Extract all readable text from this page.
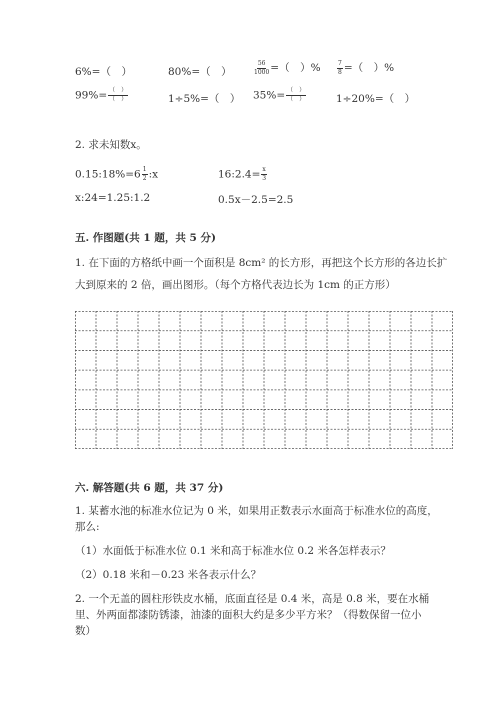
6%=（　）	80%=（　）	$\frac{56}{1000}$ =（　）%	$\frac{7}{8}$ =（　）%
$99\%= \frac{( )}{( )}$	1÷5%=（　） $35\%= \frac{( )}{( )}$	1÷20%=（　）
2. 求未知数x。
0.15:18%=6 $\frac{1}{2}$ :x	16:2.4= $\frac{x}{3}$
x:24=1.25:1.2	0.5x－2.5=2.5
五. 作图题(共 1 题，共 5 分)
1. 在下面的方格纸中画一个面积是 8cm² 的长方形，再把这个长方形的各边长扩
大到原来的 2 倍，画出图形。（每个方格代表边长为 1cm 的正方形）
六. 解答题(共 6 题，共 37 分)
1. 某蓄水池的标准水位记为 0 米，如果用正数表示水面高于标准水位的高度，
那么:
（1）水面低于标准水位 0.1 米和高于标准水位 0.2 米各怎样表示？
（2）0.18 米和－0.23 米各表示什么？
2. 一个无盖的圆柱形铁皮水桶，底面直径是 0.4 米，高是 0.8 米，要在水桶
里、外两面都漆防锈漆，油漆的面积大约是多少平方米？（得数保留一位小
数）
